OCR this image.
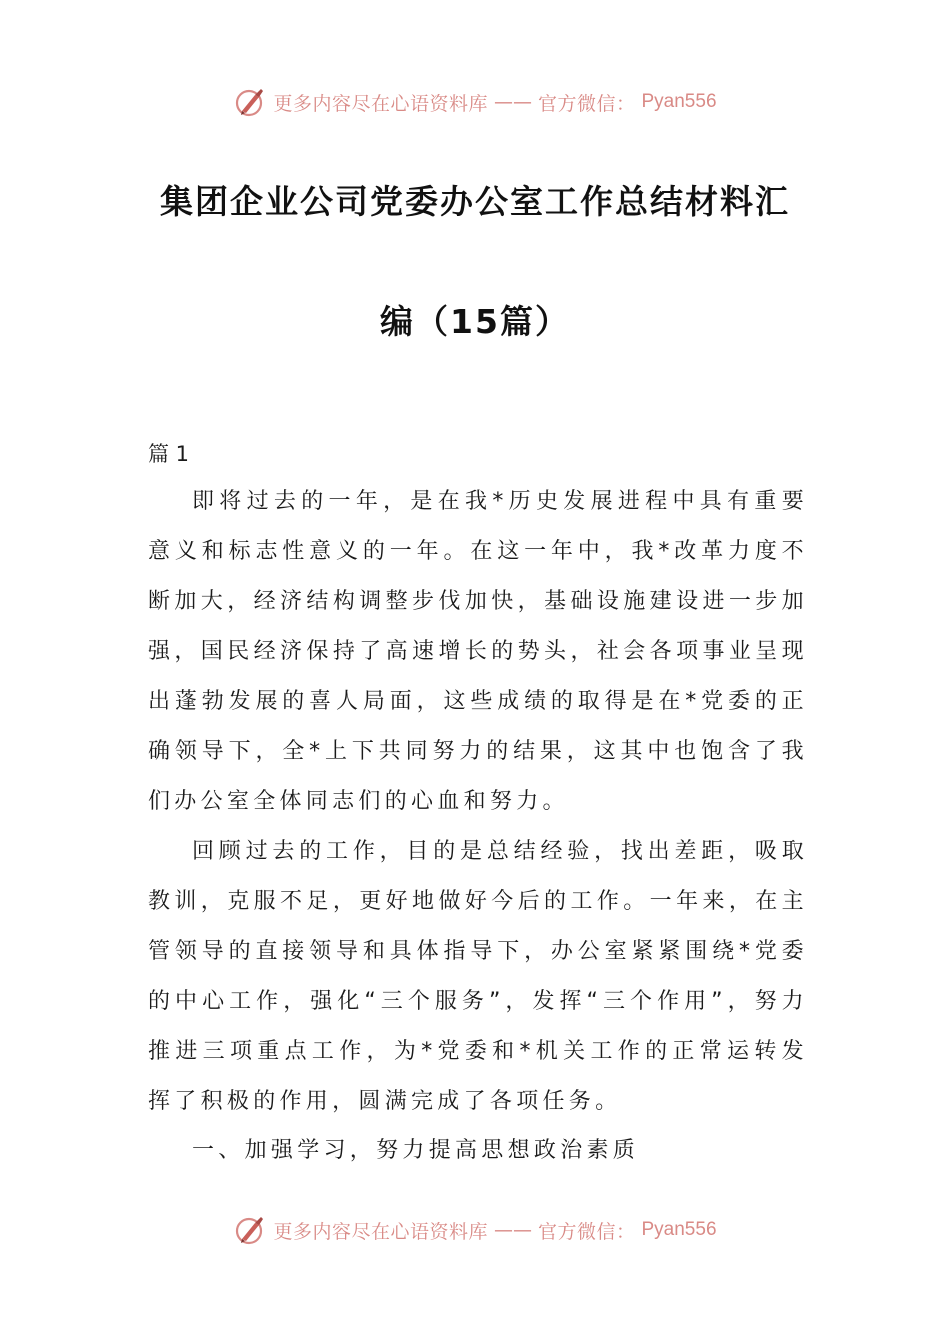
更多内容尽在心语资料库 —— 官方微信： Pyan556
集团企业公司党委办公室工作总结材料汇
编（15篇）
篇 1

即将过去的一年，是在我*历史发展进程中具有重要意义和标志性意义的一年。在这一年中，我*改革力度不断加大，经济结构调整步伐加快，基础设施建设进一步加强，国民经济保持了高速增长的势头，社会各项事业呈现出蓬勃发展的喜人局面，这些成绩的取得是在*党委的正确领导下，全*上下共同努力的结果，这其中也饱含了我们办公室全体同志们的心血和努力。

回顾过去的工作，目的是总结经验，找出差距，吸取教训，克服不足，更好地做好今后的工作。一年来，在主管领导的直接领导和具体指导下，办公室紧紧围绕*党委的中心工作，强化“三个服务”，发挥“三个作用”，努力推进三项重点工作，为*党委和*机关工作的正常运转发挥了积极的作用，圆满完成了各项任务。

一、加强学习，努力提高思想政治素质

更多内容尽在心语资料库 —— 官方微信： Pyan556
